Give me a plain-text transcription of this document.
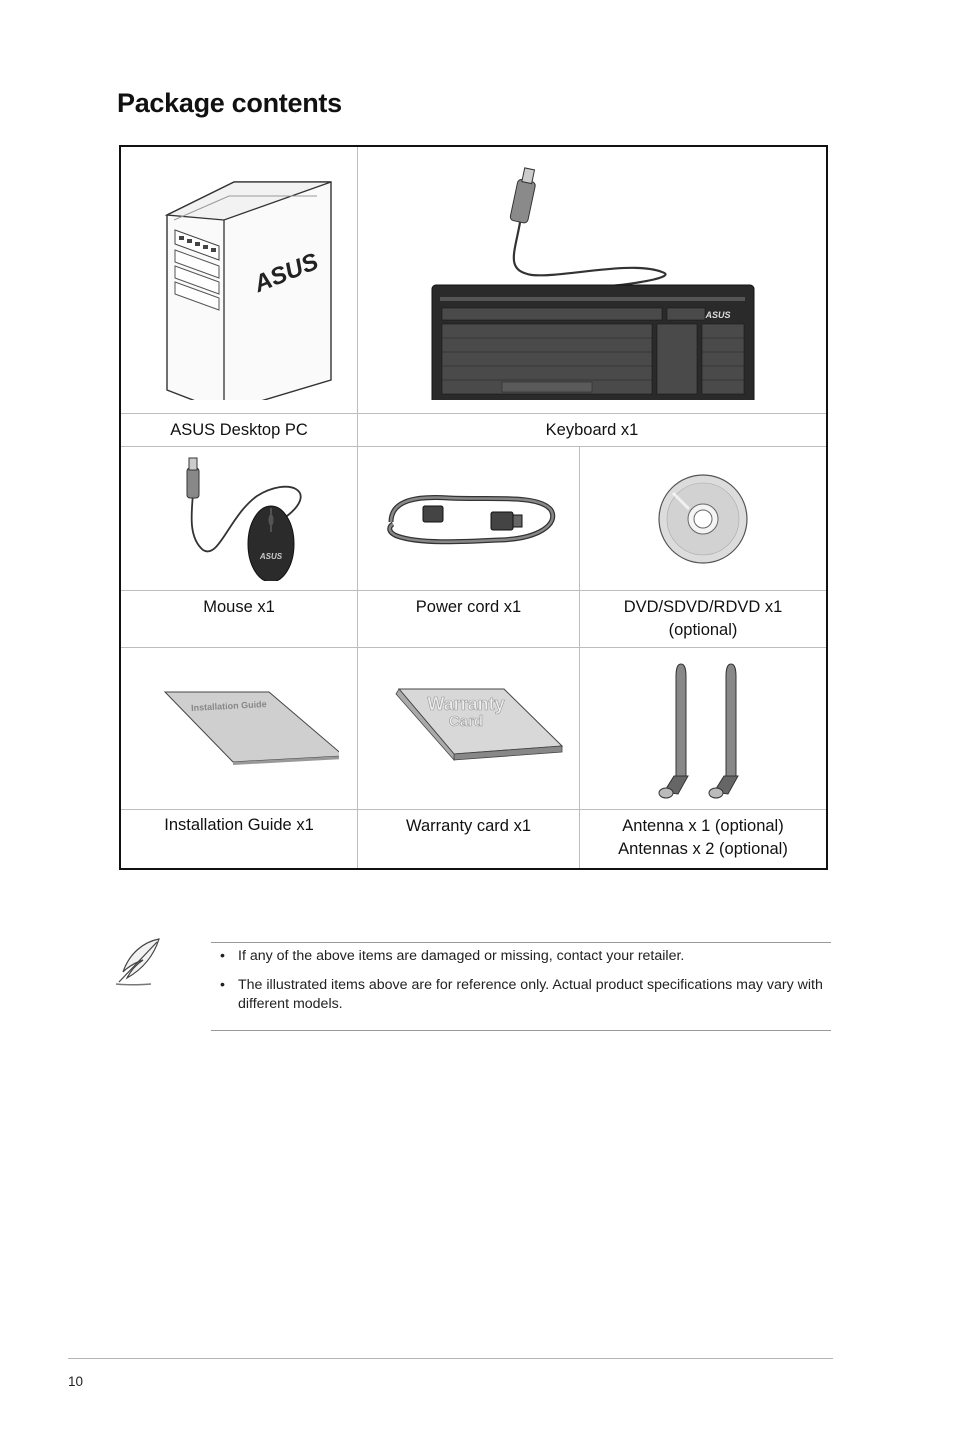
Package contents
ASUS
ASUS
ASUS Desktop PC	Keyboard x1
ASUS
Mouse x1	Power cord x1	DVD/SDVD/RDVD x1
(optional)
Installation Guide	Warranty
Card
Installation Guide x1	Warranty card x1	Antenna x 1 (optional)
Antennas x 2 (optional)
• If any of the above items are damaged or missing, contact your retailer.
• The illustrated items above are for reference only. Actual product specifications may vary with different models.
10
